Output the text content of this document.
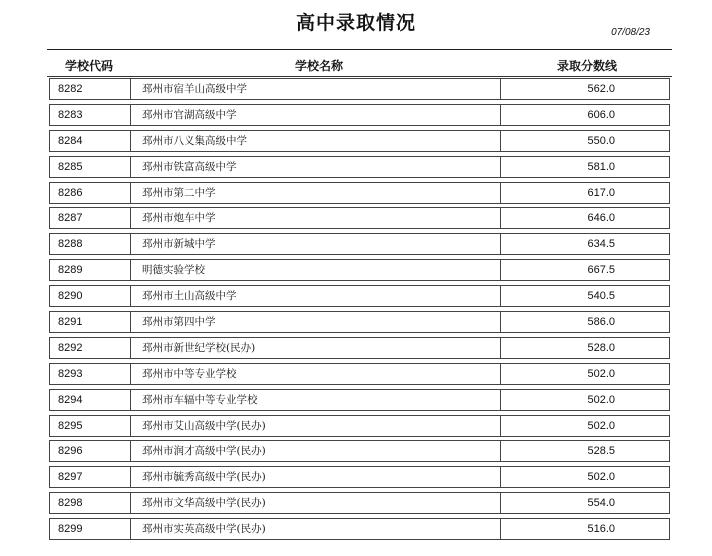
高中录取情况	07/08/23
学校代码	学校名称	录取分数线
8282	邳州市宿羊山高级中学	562.0
8283	邳州市官湖高级中学	606.0
8284	邳州市八义集高级中学	550.0
8285	邳州市铁富高级中学	581.0
8286	邳州市第二中学	617.0
8287	邳州市炮车中学	646.0
8288	邳州市新城中学	634.5
8289	明德实验学校	667.5
8290	邳州市土山高级中学	540.5
8291	邳州市第四中学	586.0
8292	邳州市新世纪学校(民办)	528.0
8293	邳州市中等专业学校	502.0
8294	邳州市车辐中等专业学校	502.0
8295	邳州市艾山高级中学(民办)	502.0
8296	邳州市润才高级中学(民办)	528.5
8297	邳州市毓秀高级中学(民办)	502.0
8298	邳州市文华高级中学(民办)	554.0
8299	邳州市实英高级中学(民办)	516.0
